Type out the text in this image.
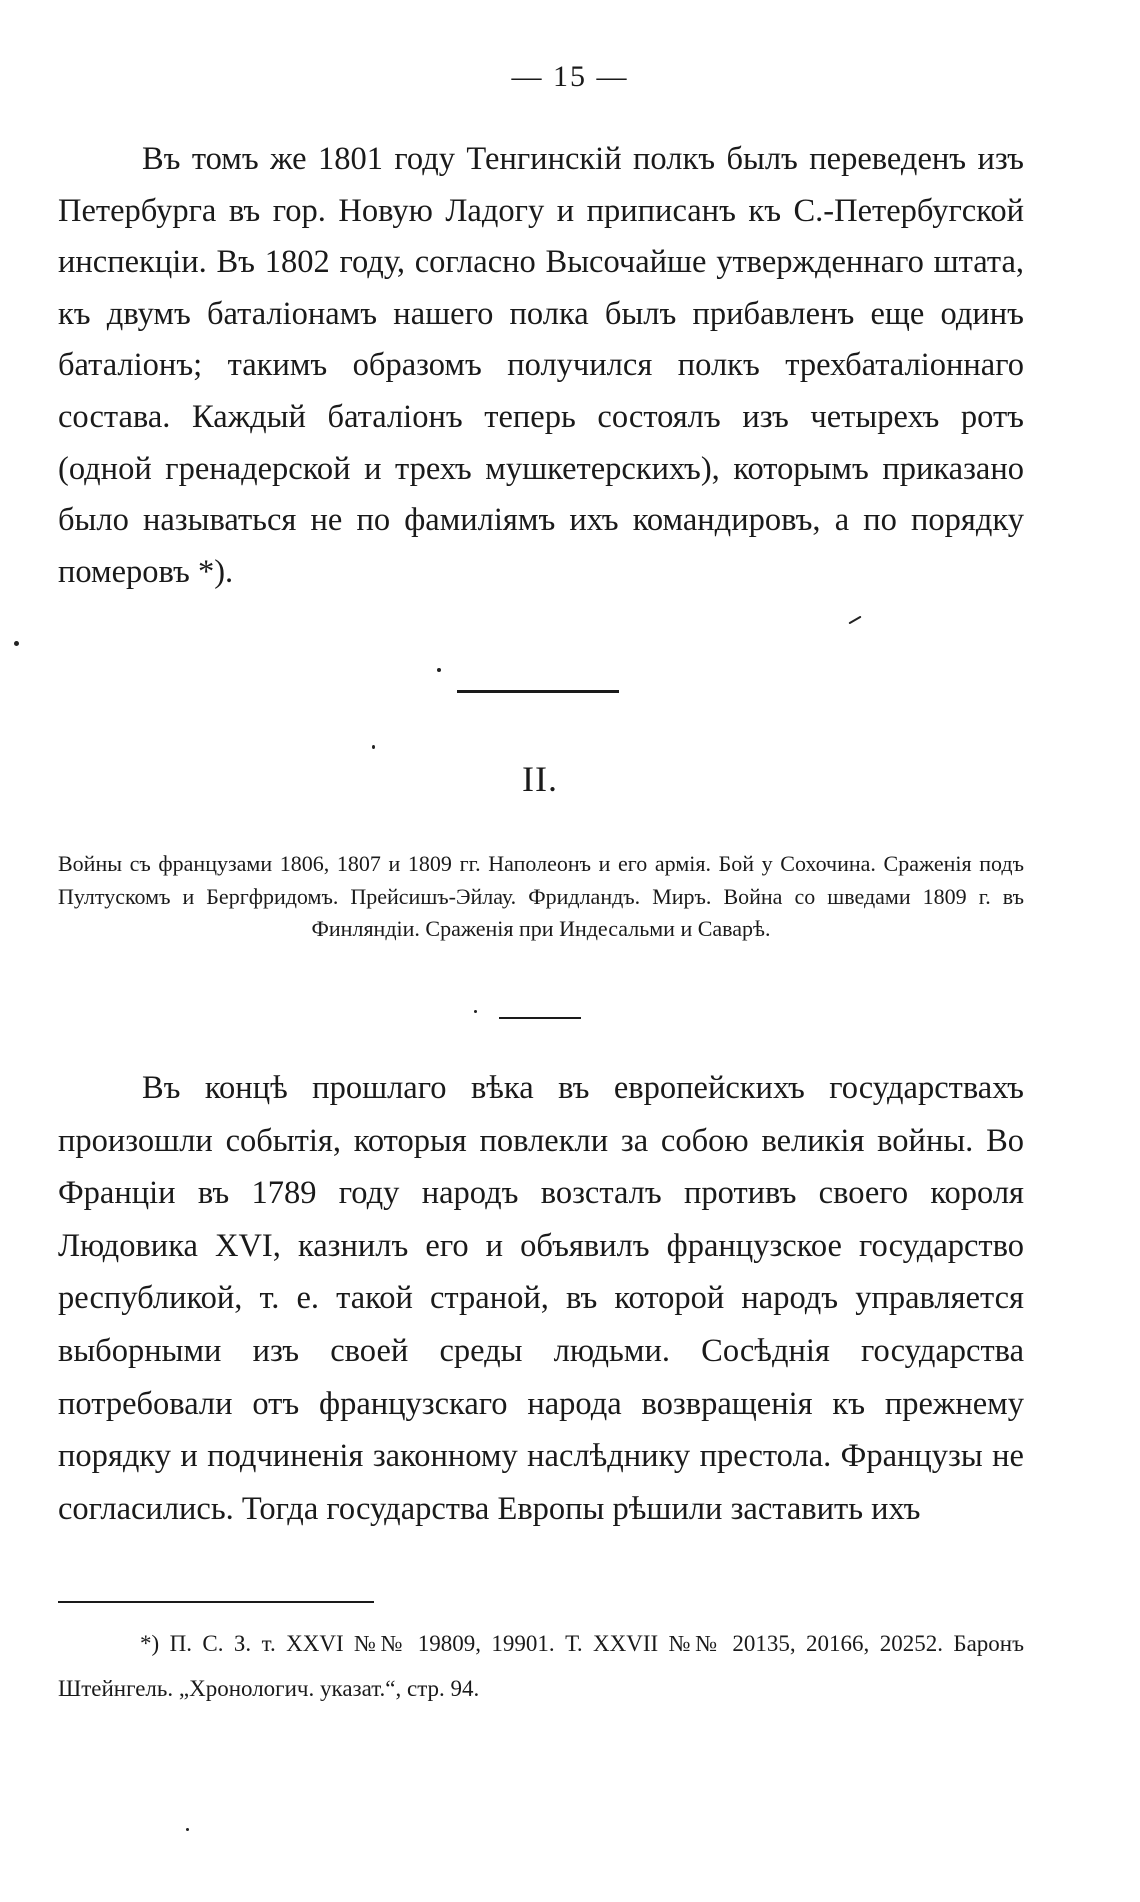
— 15 —

Въ томъ же 1801 году Тенгинскій полкъ былъ переведенъ изъ Петербурга въ гор. Новую Ладогу и приписанъ къ С.-Петербугской инспекціи. Въ 1802 году, согласно Высочайше утвержденнаго штата, къ двумъ баталіонамъ нашего полка былъ прибавленъ еще одинъ баталіонъ; такимъ образомъ получился полкъ трехбаталіоннаго состава. Каждый баталіонъ теперь состоялъ изъ четырехъ ротъ (одной гренадерской и трехъ мушкетерскихъ), которымъ приказано было называться не по фамиліямъ ихъ командировъ, а по порядку померовъ *).

II.

Войны съ французами 1806, 1807 и 1809 гг. Наполеонъ и его армія. Бой у Сохочина. Сраженія подъ Пултускомъ и Бергфридомъ. Прейсишъ-Эйлау. Фридландъ. Миръ. Война со шведами 1809 г. въ Финляндіи. Сраженія при Индесальми и Саварѣ.

Въ концѣ прошлаго вѣка въ европейскихъ государствахъ произошли событія, которыя повлекли за собою великія войны. Во Франціи въ 1789 году народъ возсталъ противъ своего короля Людовика XVI, казнилъ его и объявилъ французское государство республикой, т. е. такой страной, въ которой народъ управляется выборными изъ своей среды людьми. Сосѣднія государства потребовали отъ французскаго народа возвращенія къ прежнему порядку и подчиненія законному наслѣднику престола. Французы не согласились. Тогда государства Европы рѣшили заставить ихъ

*) П. С. З. т. XXVI №№ 19809, 19901. Т. XXVII №№ 20135, 20166, 20252. Баронъ Штейнгель. „Хронологич. указат.“, стр. 94.
